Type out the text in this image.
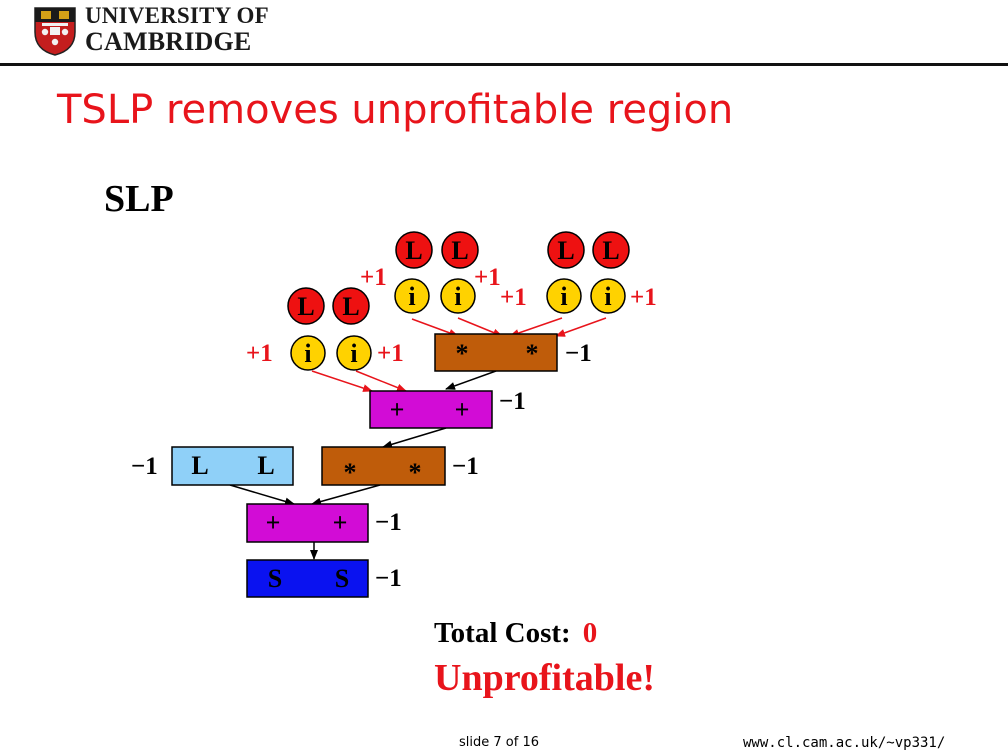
UNIVERSITY OF
CAMBRIDGE
TSLP removes unprofitable region
SLP
L L	L L
L L i i	i i
i i
+1	+1
+1	+1
+1	+1 * * −1
+ + −1
−1 L L	* * −1
+ + −1
S S −1
Total Cost: 0
Unprofitable!
slide 7 of 16	www.cl.cam.ac.uk/~vp331/
